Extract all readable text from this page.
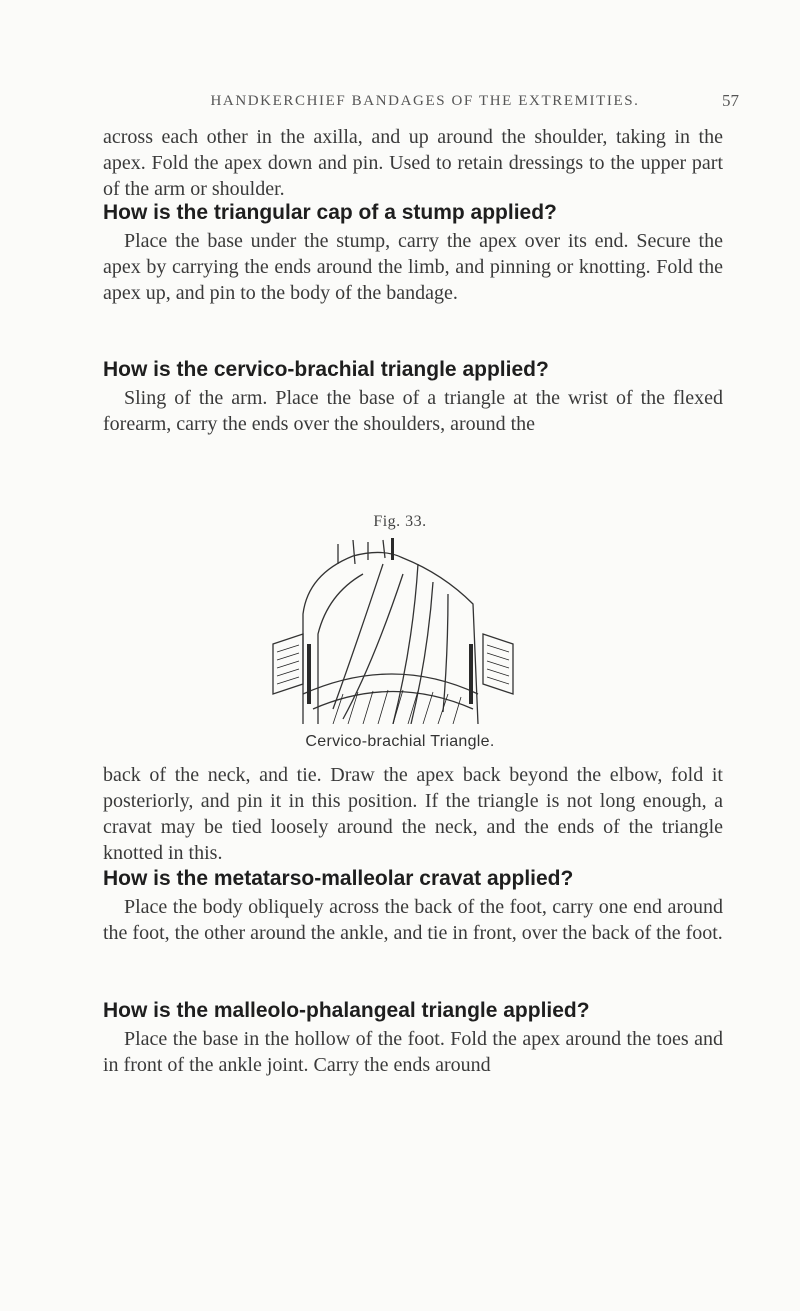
HANDKERCHIEF BANDAGES OF THE EXTREMITIES.	57

across each other in the axilla, and up around the shoulder, taking in the apex. Fold the apex down and pin. Used to retain dressings to the upper part of the arm or shoulder.

How is the triangular cap of a stump applied?

Place the base under the stump, carry the apex over its end. Secure the apex by carrying the ends around the limb, and pinning or knotting. Fold the apex up, and pin to the body of the bandage.

How is the cervico-brachial triangle applied?

Sling of the arm. Place the base of a triangle at the wrist of the flexed forearm, carry the ends over the shoulders, around the

Fig. 33.
Cervico-brachial Triangle.

back of the neck, and tie. Draw the apex back beyond the elbow, fold it posteriorly, and pin it in this position. If the triangle is not long enough, a cravat may be tied loosely around the neck, and the ends of the triangle knotted in this.

How is the metatarso-malleolar cravat applied?

Place the body obliquely across the back of the foot, carry one end around the foot, the other around the ankle, and tie in front, over the back of the foot.

How is the malleolo-phalangeal triangle applied?

Place the base in the hollow of the foot. Fold the apex around the toes and in front of the ankle joint. Carry the ends around
